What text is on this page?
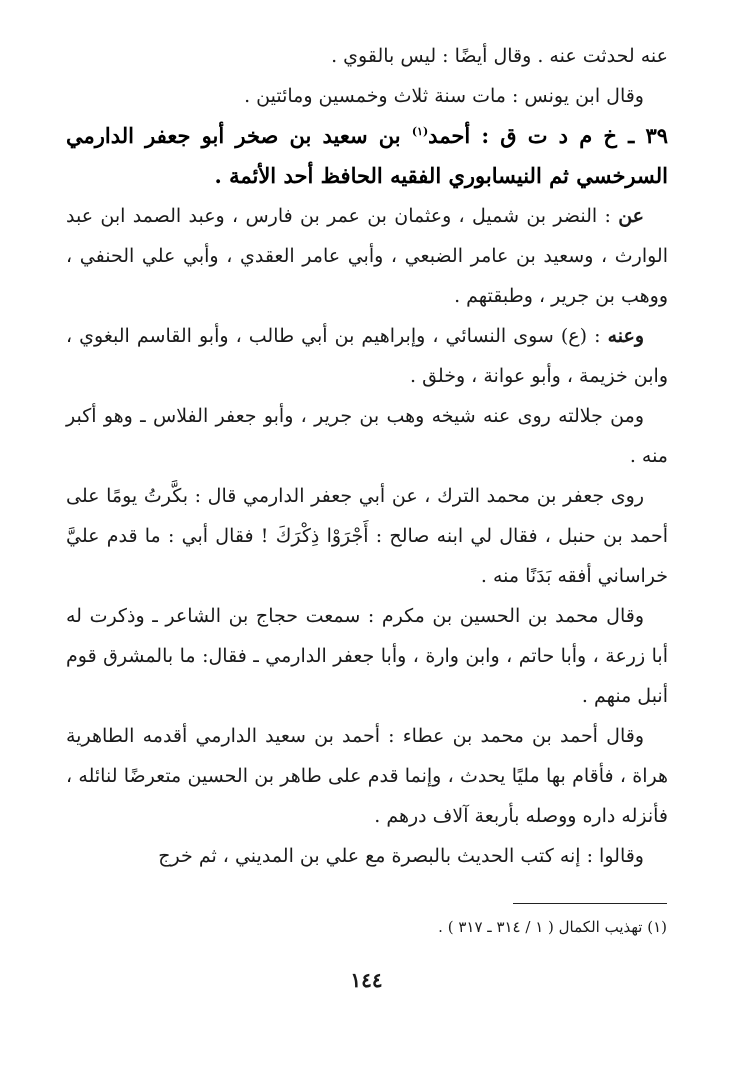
عنه لحدثت عنه . وقال أيضًا : ليس بالقوي .

وقال ابن يونس : مات سنة ثلاث وخمسين ومائتين .

٣٩ ـ خ م د ت ق : أحمد$^{(١)}$ بن سعيد بن صخر أبو جعفر الدارمي السرخسي ثم النيسابوري الفقيه الحافظ أحد الأئمة .

عن : النضر بن شميل ، وعثمان بن عمر بن فارس ، وعبد الصمد ابن عبد الوارث ، وسعيد بن عامر الضبعي ، وأبي عامر العقدي ، وأبي علي الحنفي ، ووهب بن جرير ، وطبقتهم .

وعنه : (ع) سوى النسائي ، وإبراهيم بن أبي طالب ، وأبو القاسم البغوي ، وابن خزيمة ، وأبو عوانة ، وخلق .

ومن جلالته روى عنه شيخه وهب بن جرير ، وأبو جعفر الفلاس ـ وهو أكبر منه .

روى جعفر بن محمد الترك ، عن أبي جعفر الدارمي قال : بكَّرتُ يومًا على أحمد بن حنبل ، فقال لي ابنه صالح : أَجْرَوْا ذِكْرَكَ ! فقال أبي : ما قدم عليَّ خراساني أفقه بَدَنًا منه .

وقال محمد بن الحسين بن مكرم : سمعت حجاج بن الشاعر ـ وذكرت له أبا زرعة ، وأبا حاتم ، وابن وارة ، وأبا جعفر الدارمي ـ فقال: ما بالمشرق قوم أنبل منهم .

وقال أحمد بن محمد بن عطاء : أحمد بن سعيد الدارمي أقدمه الطاهرية هراة ، فأقام بها مليًا يحدث ، وإنما قدم على طاهر بن الحسين متعرضًا لنائله ، فأنزله داره ووصله بأربعة آلاف درهم .

وقالوا : إنه كتب الحديث بالبصرة مع علي بن المديني ، ثم خرج

(١) تهذيب الكمال ( ١ / ٣١٤ ـ ٣١٧ ) .

١٤٤
